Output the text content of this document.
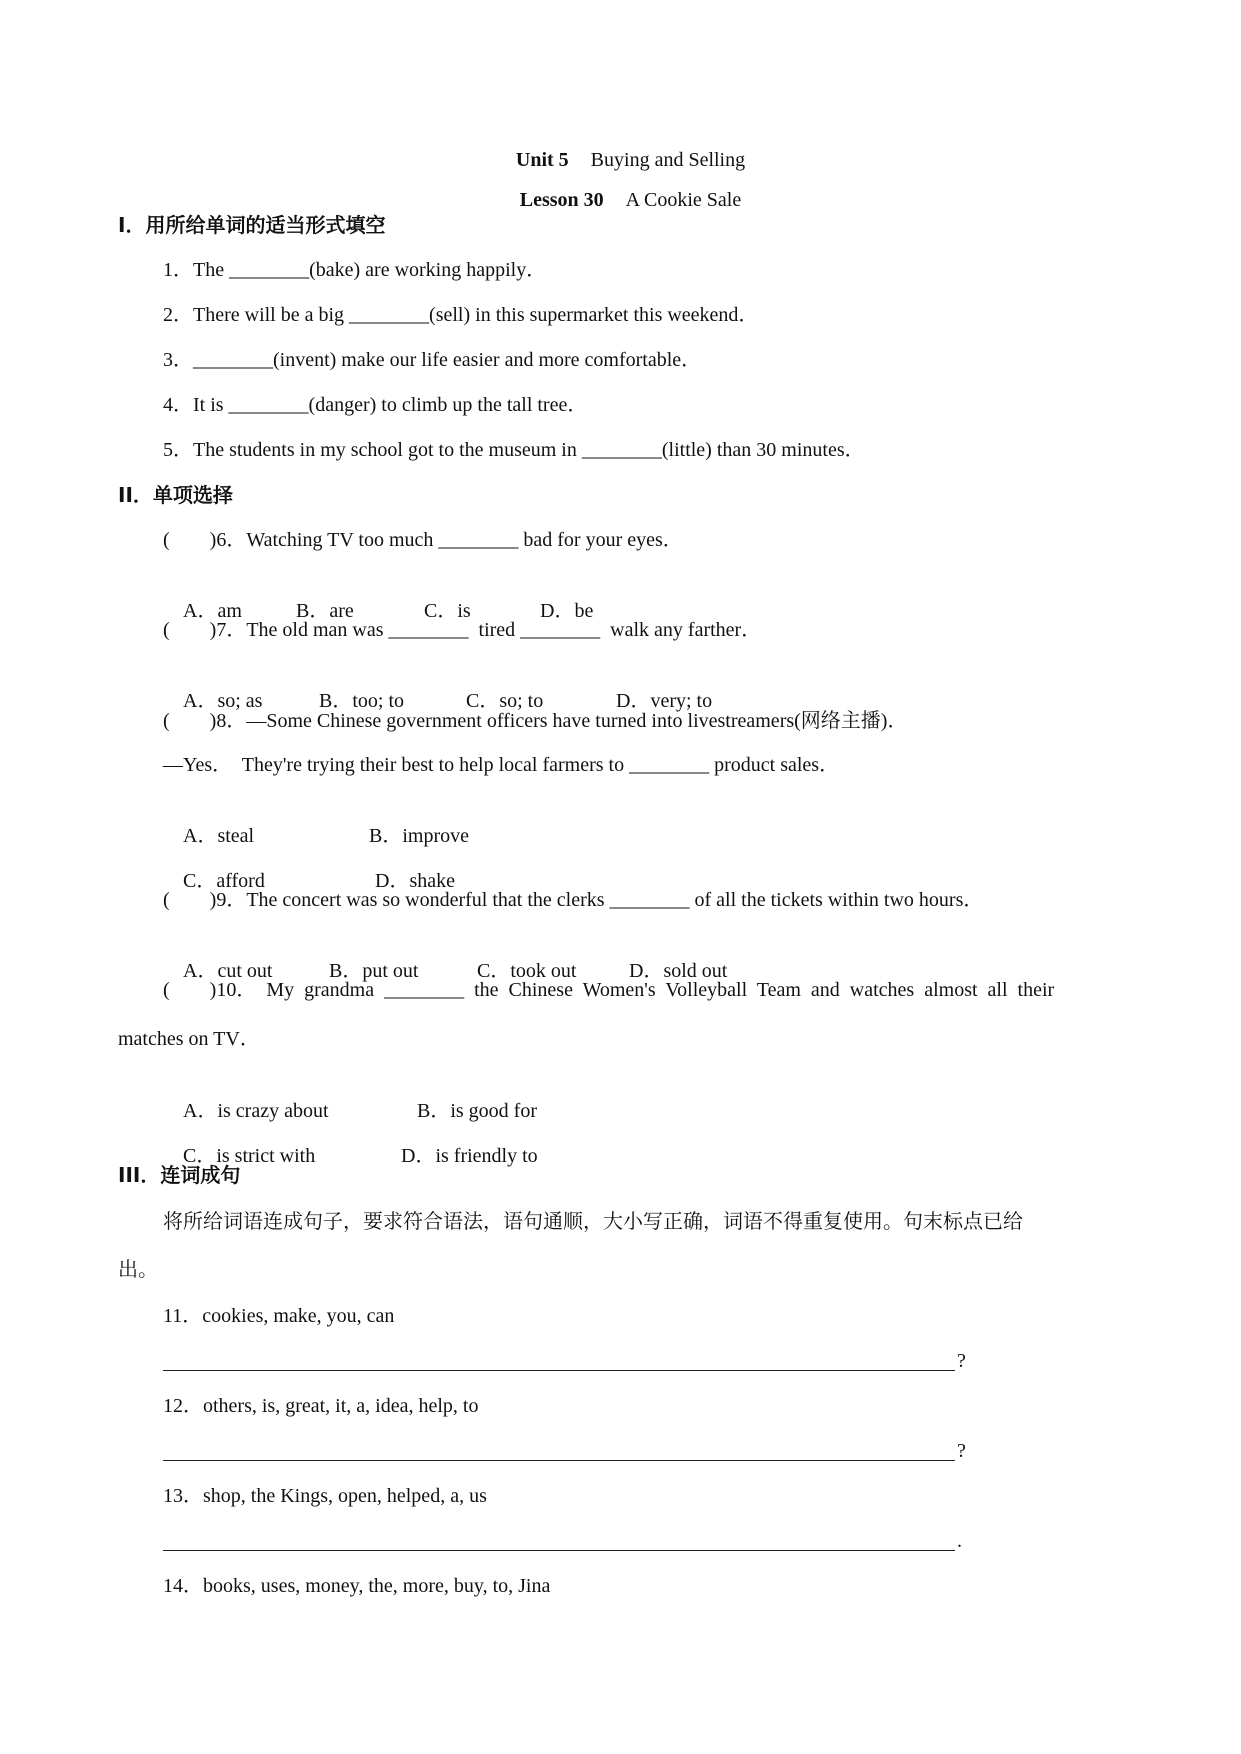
Unit 5 Buying and Selling

Lesson 30 A Cookie Sale

I．用所给单词的适当形式填空
1．The ________(bake) are working happily．
2．There will be a big ________(sell) in this supermarket this weekend．
3．________(invent) make our life easier and more comfortable．
4．It is ________(danger) to climb up the tall tree．
5．The students in my school got to the museum in ________(little) than 30 minutes．
II．单项选择
(　　)6．Watching TV too much ________ bad for your eyes．

A．am	B．are	C．is	D．be

(　　)7．The old man was ________  tired ________  walk any farther．

A．so; as	B．too; to	C．so; to	D．very; to

(　　)8．—Some Chinese government officers have turned into livestreamers(网络主播)．
—Yes．  They're trying their best to help local farmers to ________ product sales．

A．steal	B．improve

C．afford	D．shake

(　　)9．The concert was so wonderful that the clerks ________ of all the tickets within two hours．

A．cut out	B．put out	C．took out	D．sold out

(　　)10．  My  grandma  ________  the  Chinese  Women's  Volleyball  Team  and  watches  almost  all  their
matches on TV．

A．is crazy about	B．is good for

C．is strict with	D．is friendly to

III．连词成句
将所给词语连成句子，要求符合语法，语句通顺，大小写正确，词语不得重复使用。句末标点已给
出。
11．cookies, make, you, can
?
12．others, is, great, it, a, idea, help, to
?
13．shop, the Kings, open, helped, a, us
.
14．books, uses, money, the, more, buy, to, Jina
